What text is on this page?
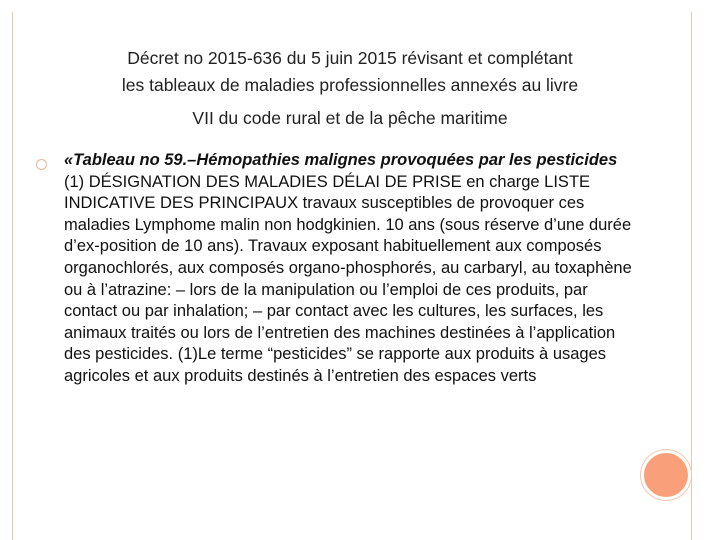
Décret no 2015-636 du 5 juin 2015 révisant et complétant
les tableaux de maladies professionnelles annexés au livre
VII du code rural et de la pêche maritime
«Tableau no 59.–Hémopathies malignes provoquées par les pesticides (1) DÉSIGNATION DES MALADIES DÉLAI DE PRISE en charge LISTE INDICATIVE DES PRINCIPAUX travaux susceptibles de provoquer ces maladies Lymphome malin non hodgkinien. 10 ans (sous réserve d’une durée d’ex-position de 10 ans). Travaux exposant habituellement aux composés organochlorés, aux composés organo-phosphorés, au carbaryl, au toxaphène ou à l’atrazine: – lors de la manipulation ou l’emploi de ces produits, par contact ou par inhalation; – par contact avec les cultures, les surfaces, les animaux traités ou lors de l’entretien des machines destinées à l’application des pesticides. (1)Le terme “pesticides” se rapporte aux produits à usages agricoles et aux produits destinés à l’entretien des espaces verts
